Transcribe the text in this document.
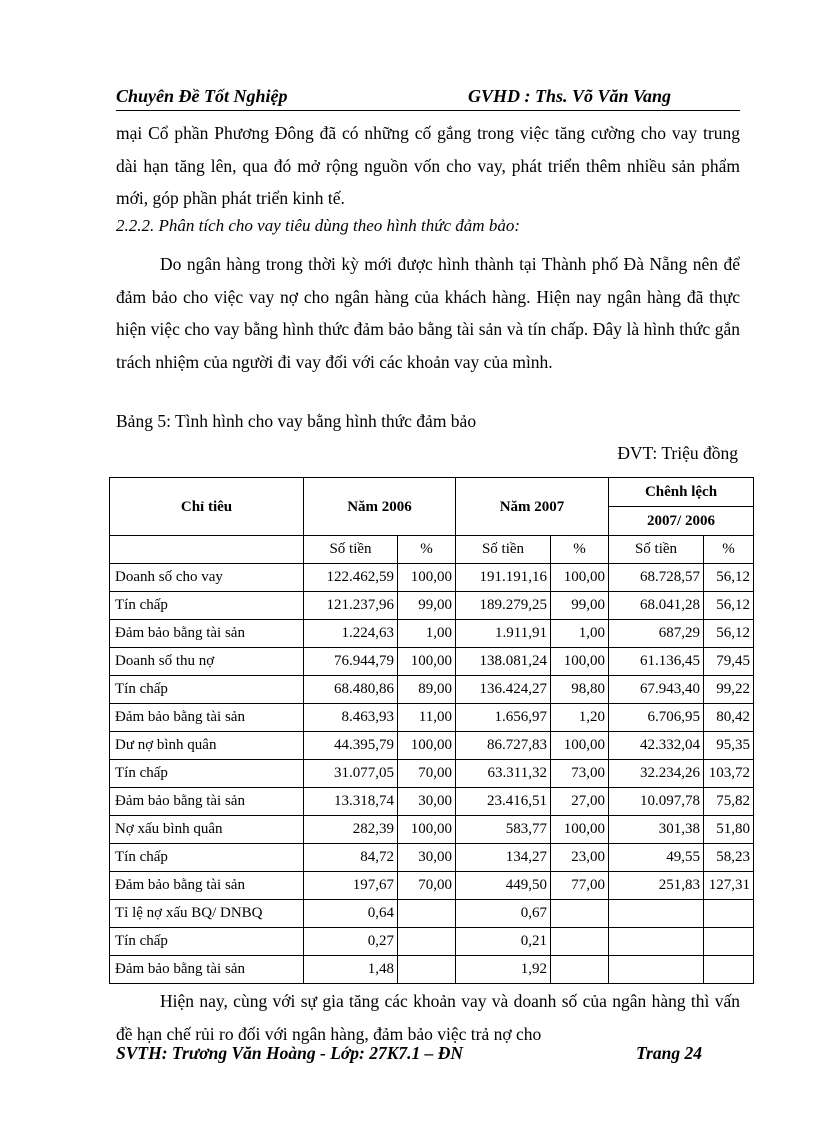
Chuyên Đề Tốt Nghiệp	GVHD : Ths. Võ Văn Vang
mại Cổ phần Phương Đông đã có những cố gắng trong việc tăng cường cho vay trung dài hạn tăng lên, qua đó mở rộng nguồn vốn cho vay, phát triển thêm nhiều sản phẩm mới, góp phần phát triển kinh tế.
2.2.2. Phân tích cho vay tiêu dùng theo hình thức đảm bảo:
Do ngân hàng trong thời kỳ mới được hình thành tại Thành phố Đà Nẵng nên để đảm bảo cho việc vay nợ cho ngân hàng của khách hàng. Hiện nay ngân hàng đã thực hiện việc cho vay bằng hình thức đảm bảo bằng tài sản và tín chấp. Đây là hình thức gắn trách nhiệm của người đi vay đối với các khoản vay của mình.
Bảng 5: Tình hình cho vay bằng hình thức đảm bảo
ĐVT: Triệu đồng
Chỉ tiêu	Năm 2006		Năm 2007		Chênh lệch	
					2007/ 2006	
	Số tiền	%	Số tiền	%	Số tiền	%
Doanh số cho vay	122.462,59	100,00	191.191,16	100,00	68.728,57	56,12
Tín chấp	121.237,96	99,00	189.279,25	99,00	68.041,28	56,12
Đảm bảo bằng tài sản	1.224,63	1,00	1.911,91	1,00	687,29	56,12
Doanh số thu nợ	76.944,79	100,00	138.081,24	100,00	61.136,45	79,45
Tín chấp	68.480,86	89,00	136.424,27	98,80	67.943,40	99,22
Đảm bảo bằng tài sản	8.463,93	11,00	1.656,97	1,20	6.706,95	80,42
Dư nợ bình quân	44.395,79	100,00	86.727,83	100,00	42.332,04	95,35
Tín chấp	31.077,05	70,00	63.311,32	73,00	32.234,26	103,72
Đảm bảo bằng tài sản	13.318,74	30,00	23.416,51	27,00	10.097,78	75,82
Nợ xấu bình quân	282,39	100,00	583,77	100,00	301,38	51,80
Tín chấp	84,72	30,00	134,27	23,00	49,55	58,23
Đảm bảo bằng tài sản	197,67	70,00	449,50	77,00	251,83	127,31
Tỉ lệ nợ xấu BQ/ DNBQ	0,64		0,67			
Tín chấp	0,27		0,21			
Đảm bảo bằng tài sản	1,48		1,92			
Hiện nay, cùng với sự gia tăng các khoản vay và doanh số của ngân hàng thì vấn đề hạn chế rủi ro đối với ngân hàng, đảm bảo việc trả nợ cho
SVTH: Trương Văn Hoàng - Lớp: 27K7.1 – ĐN	Trang 24
